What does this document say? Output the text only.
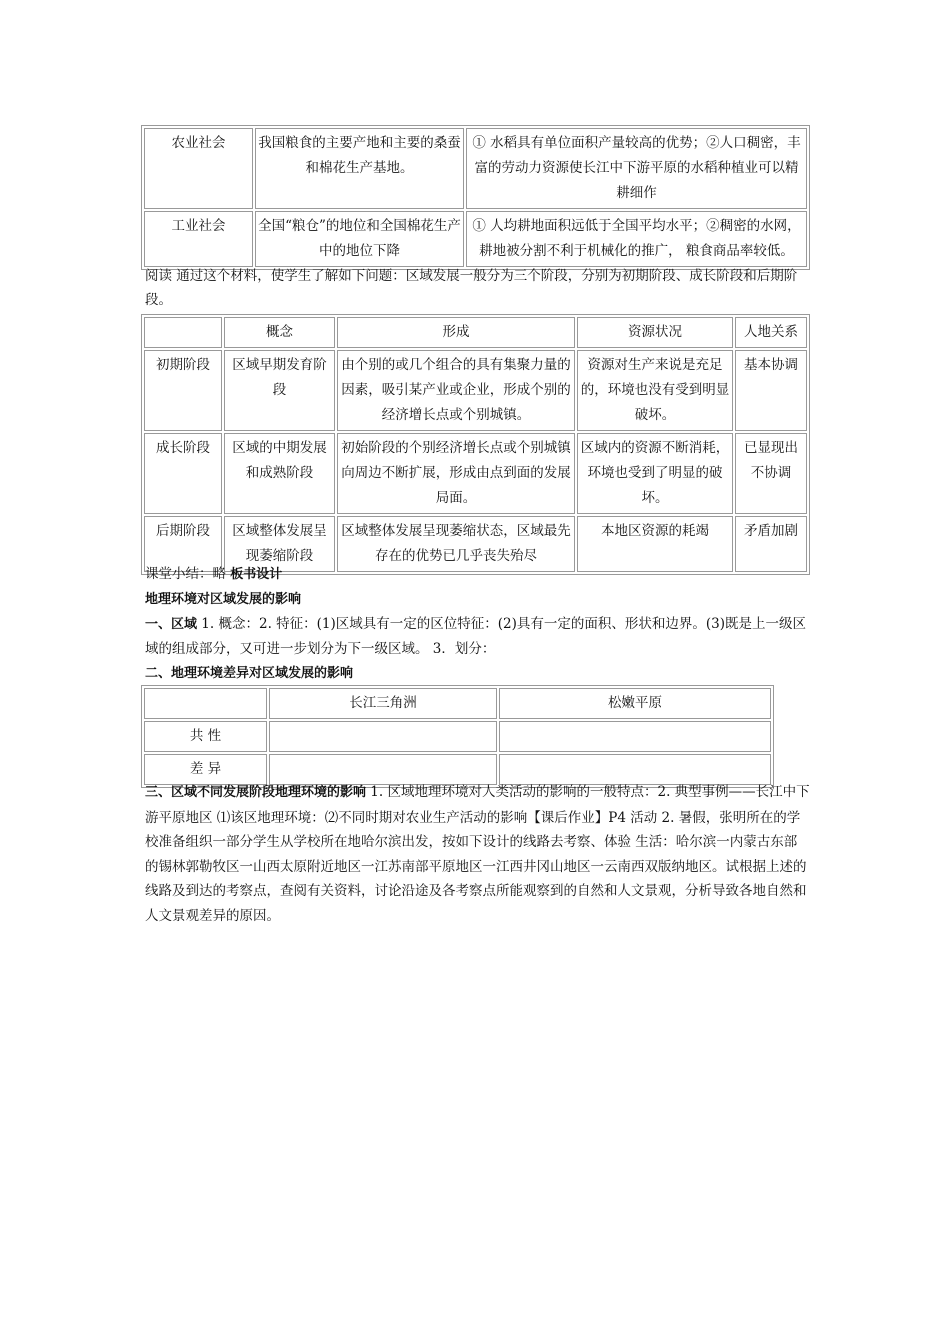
农业社会	我国粮食的主要产地和主要的桑蚕和棉花生产基地。	① 水稻具有单位面积产量较高的优势；②人口稠密，丰富的劳动力资源使长江中下游平原的水稻种植业可以精耕细作
工业社会	全国“粮仓”的地位和全国棉花生产中的地位下降	① 人均耕地面积远低于全国平均水平；②稠密的水网，耕地被分割不利于机械化的推广， 粮食商品率较低。
阅读 通过这个材料，使学生了解如下问题：区域发展一般分为三个阶段，分别为初期阶段、成长阶段和后期阶段。
	概念	形成	资源状况	人地关系
初期阶段	区域早期发育阶段	由个别的或几个组合的具有集聚力量的因素，吸引某产业或企业，形成个别的经济增长点或个别城镇。	资源对生产来说是充足的，环境也没有受到明显破坏。	基本协调
成长阶段	区域的中期发展和成熟阶段	初始阶段的个别经济增长点或个别城镇向周边不断扩展，形成由点到面的发展局面。	区域内的资源不断消耗，环境也受到了明显的破坏。	已显现出不协调
后期阶段	区域整体发展呈现萎缩阶段	区域整体发展呈现萎缩状态，区域最先存在的优势已几乎丧失殆尽	本地区资源的耗竭	矛盾加剧
课堂小结：略 板书设计
地理环境对区域发展的影响
一、区域 1. 概念：2. 特征：(1)区域具有一定的区位特征：(2)具有一定的面积、形状和边界。(3)既是上一级区域的组成部分，又可进一步划分为下一级区域。 3．划分：
二、地理环境差异对区域发展的影响
	长江三角洲	松嫩平原
共 性		
差 异		
三、区域不同发展阶段地理环境的影响 1. 区域地理环境对人类活动的影响的一般特点：2. 典型事例——长江中下游平原地区 ⑴该区地理环境：⑵不同时期对农业生产活动的影响【课后作业】P4 活动 2. 暑假，张明所在的学校准备组织一部分学生从学校所在地哈尔滨出发，按如下设计的线路去考察、体验 生活：哈尔滨一内蒙古东部的锡林郭勒牧区一山西太原附近地区一江苏南部平原地区一江西井冈山地区一云南西双版纳地区。试根据上述的线路及到达的考察点，查阅有关资料，讨论沿途及各考察点所能观察到的自然和人文景观，分析导致各地自然和人文景观差异的原因。
